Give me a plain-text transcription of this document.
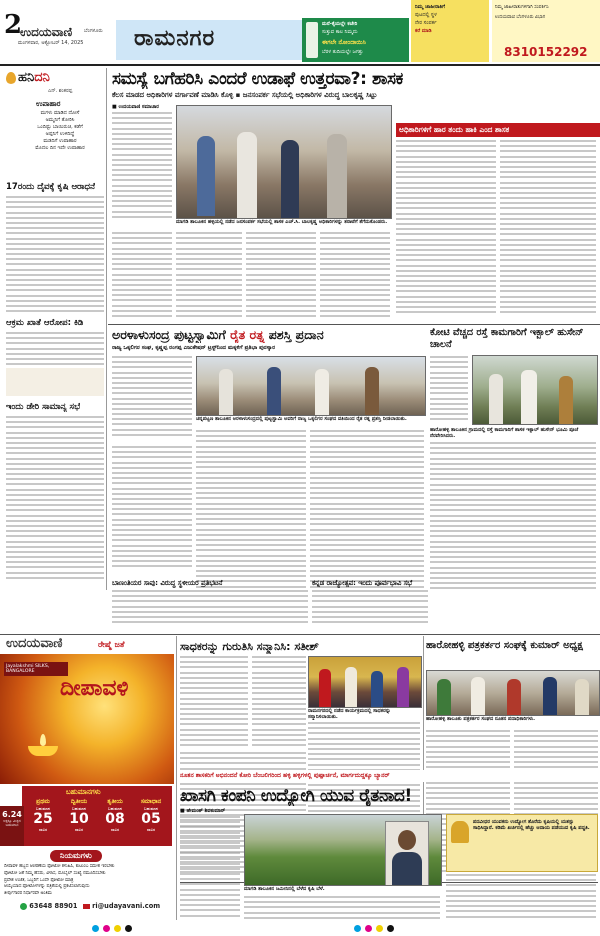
2
ಉದಯವಾಣಿ ಬೆಂಗಳೂರು
ಮಂಗಳವಾರ, ಅಕ್ಟೋಬರ್ 14, 2025 ರಾಮನಗರ
ಮನೆ-ಕೈಯಲ್ಲೇ ಕಚೇರಿ
ಸುತ್ತುವ ಕಾಲ ನಿಮ್ಮದು
ಈಗಲೇ ನೋಂದಾಯಿಸಿ
ಬೆರಳ ತುದಿಯಲ್ಲೇ ಜಗತ್ತು
ನಿಮ್ಮ ಜಾಹೀರಾತಿಗೆ
ಪುಟದಲ್ಲಿ ಸ್ಥಳ
ನೇರ ಸಂಪರ್ಕ
ಕರೆ ಮಾಡಿ
ನಿಮ್ಮ ಜಾಹೀರಾತುಗಳಿಗಾಗಿ ಸಂಪರ್ಕಿಸಿ
ಉದಯವಾಣಿ ಬೆಂಗಳೂರು ವಿಭಾಗ
8310152292
ಹನಿದನಿ
ಎನ್. ಶಂಕರಪ್ಪ
ಉಪಾಹಾರ
ಮಗಳು ಮಾಡಿದ ದೋಸೆ
ಅಮ್ಮನಿಗೆ ತೋರಿಸಿ
ಒಂದಿಷ್ಟು ಬಾಯಿರುಚಿ, ಕಡೆಗೆ
ಅಪ್ಪನಿಗೆ ಉಳಿದಿದ್ದೆ
ಮಡದಿಗೆ ಉಪಾಹಾರ
ಮೊದಲ ದಿನ ಇದೇ ಉಪಾಹಾರ
17ರಂದು ದೈವಕ್ಕೆ ಕೃಷಿ ಆರಾಧನೆ
ಆಕ್ರಮ ಖಾತೆ ಆರೋಪ: ಕಿಡಿ
ಇಂದು ಡೇರಿ ಸಾಮಾನ್ಯ ಸಭೆ
ಸಮಸ್ಯೆ ಬಗೆಹರಿಸಿ ಎಂದರೆ ಉಡಾಫೆ ಉತ್ತರವಾ?: ಶಾಸಕ
ಕೆಲಸ ಮಾಡದ ಅಧಿಕಾರಿಗಳ ವರ್ಗಾವಣೆ ಮಾಡಿಸಿ ಕೊಳ್ಳಿ ▪ ಜನಸಂಪರ್ಕ ಸಭೆಯಲ್ಲಿ ಅಧಿಕಾರಿಗಳ ವಿರುದ್ಧ ಬಾಲಕೃಷ್ಣ ಸಿಟ್ಟು
■ ಉದಯವಾಣಿ ಸಮಾಚಾರ
ಮಾಗಡಿ ತಾಲೂಕಿನ ಹಳ್ಳಿಯಲ್ಲಿ ನಡೆದ ಜನಸಂಪರ್ಕ ಸಭೆಯಲ್ಲಿ ಶಾಸಕ ಎಚ್.ಸಿ. ಬಾಲಕೃಷ್ಣ ಅಧಿಕಾರಿಗಳನ್ನು ತರಾಟೆಗೆ ತೆಗೆದುಕೊಂಡರು.
ಅಧಿಕಾರಿಗಳಿಗೆ ಹಾರ ತಂದು ಹಾಕಿ ಎಂದ ಶಾಸಕ
ಅರಳಾಳುಸಂದ್ರ ಪುಟ್ಟಸ್ವಾಮಿಗೆ ರೈತ ರತ್ನ ಪಶಸ್ತಿ ಪ್ರದಾನ
ರಾಜ್ಯ ಒಕ್ಕಲಿಗರ ಸಂಘ, ಕೃಷ್ಣಪ್ಪ ರಂಗಪ್ಪ ಎಜುಕೇಷನ್ ಟ್ರಸ್ಟ್‌ನಿಂದ ಮಕ್ಕಳಿಗೆ ಪ್ರತಿಭಾ ಪುರಸ್ಕಾರ
ಚನ್ನಪಟ್ಟಣ ತಾಲೂಕಿನ ಅರಳಾಳುಸಂದ್ರದಲ್ಲಿ ಪುಟ್ಟಸ್ವಾಮಿ ಅವರಿಗೆ ರಾಜ್ಯ ಒಕ್ಕಲಿಗರ ಸಂಘದ ವತಿಯಿಂದ ರೈತ ರತ್ನ ಪ್ರಶಸ್ತಿ ನೀಡಲಾಯಿತು.
ಕೋಟಿ ವೆಚ್ಚದ ರಸ್ತೆ ಕಾಮಗಾರಿಗೆ ಇಕ್ಬಾಲ್ ಹುಸೇನ್ ಚಾಲನೆ
ಹಾರೋಹಳ್ಳಿ ತಾಲೂಕಿನ ಗ್ರಾಮದಲ್ಲಿ ರಸ್ತೆ ಕಾಮಗಾರಿಗೆ ಶಾಸಕ ಇಕ್ಬಾಲ್ ಹುಸೇನ್ ಭೂಮಿ ಪೂಜೆ ನೆರವೇರಿಸಿದರು.
ಬಾಣಂತಿಯರ ಸಾವು: ವಿರುದ್ಧ ಸ್ಥಳೀಯರ ಪ್ರತಿಭಟನೆ	ಕನ್ನಡ ರಾಜ್ಯೋತ್ಸವ: ಇಂದು ಪೂರ್ವಭಾವಿ ಸಭೆ
ಉದಯವಾಣಿ	ರೇಷ್ಮೆ ಜತೆ
Jayalakshmi SILKS, BANGALORE
ದೀಪಾವಳಿ
ಬಹುಮಾನಗಳು
ಪ್ರಥಮ
ಬಹುಮಾನ
25
ಸಾವಿರ
ದ್ವಿತೀಯ
ಬಹುಮಾನ
10
ಸಾವಿರ
ತೃತೀಯ
ಬಹುಮಾನ
08
ಸಾವಿರ
ಸಮಾಧಾನ
ಬಹುಮಾನ
05
ಸಾವಿರ
6.24
ಲಕ್ಷಕ್ಕೂ ಮಿಕ್ಕಿದ ಬಹುಮಾನ
ನಿಯಮಗಳು
ದೀಪಾವಳಿ ಹಬ್ಬದ ಆಚರಣೆಯ ಫೋಟೋ ಕಳುಹಿಸಿ, ಕುಟುಂಬ ಸಮೇತ ಇರಬೇಕು
ಫೋಟೋ ಜತೆ ನಿಮ್ಮ ಹೆಸರು, ವಿಳಾಸ, ಮೊಬೈಲ್ ಸಂಖ್ಯೆ ನಮೂದಿಸಬೇಕು
ಪ್ರವೇಶ ಉಚಿತ, ಒಬ್ಬರಿಗೆ ಒಂದೇ ಫೋಟೋ ಮಾತ್ರ
ಆಯ್ಕೆಯಾದ ಫೋಟೋಗಳನ್ನು ಪತ್ರಿಕೆಯಲ್ಲಿ ಪ್ರಕಟಿಸಲಾಗುವುದು
ತೀರ್ಪುಗಾರರ ನಿರ್ಧಾರವೇ ಅಂತಿಮ
63648 88901 ri@udayavani.com
ಸಾಧಕರನ್ನು ಗುರುತಿಸಿ ಸನ್ಮಾನಿಸಿ: ಸತೀಶ್
ರಾಮನಗರದಲ್ಲಿ ನಡೆದ ಕಾರ್ಯಕ್ರಮದಲ್ಲಿ ಸಾಧಕರನ್ನು ಸನ್ಮಾನಿಸಲಾಯಿತು.
ಹಾರೋಹಳ್ಳಿ ಪತ್ರಕರ್ತರ ಸಂಘಕ್ಕೆ ಕುಮಾರ್ ಅಧ್ಯಕ್ಷ
ಹಾರೋಹಳ್ಳಿ ತಾಲೂಕು ಪತ್ರಕರ್ತರ ಸಂಘದ ನೂತನ ಪದಾಧಿಕಾರಿಗಳು.
ಖಾಸಗಿ ಕಂಪನಿ ಉದ್ಯೋಗಿ ಯುವ ರೈತನಾದ!
ನೂತನ ಶಾಸಕರಿಗೆ ಅಭಿನಂದನೆ ಕೋರಿ ಬೆಂಬಲಿಗರಿಂದ ಹಳ್ಳಿ ಹಳ್ಳಿಗಳಲ್ಲಿ ಪುಷ್ಪಾರ್ಚನೆ, ಮಾರ್ಗದುದ್ದಕ್ಕೂ ಬ್ಯಾನರ್
■ ಹೇಮಂತ್ ಶಿವಕುಮಾರ್
ಮಾಗಡಿ ತಾಲೂಕಿನ ಜಮೀನಿನಲ್ಲಿ ಬೆಳೆದ ಕೃಷಿ ಬೆಳೆ.
ಪದವೀಧರ ಯುವಕನು ಉದ್ಯೋಗ ತೊರೆದು ಕೃಷಿಯಲ್ಲಿ ಯಶಸ್ಸು ಸಾಧಿಸಿದ್ದಾನೆ. ಕಡಿಮೆ ಖರ್ಚಿನಲ್ಲಿ ಹೆಚ್ಚು ಆದಾಯ ಪಡೆಯುವ ಕೃಷಿ ಪದ್ಧತಿ.
